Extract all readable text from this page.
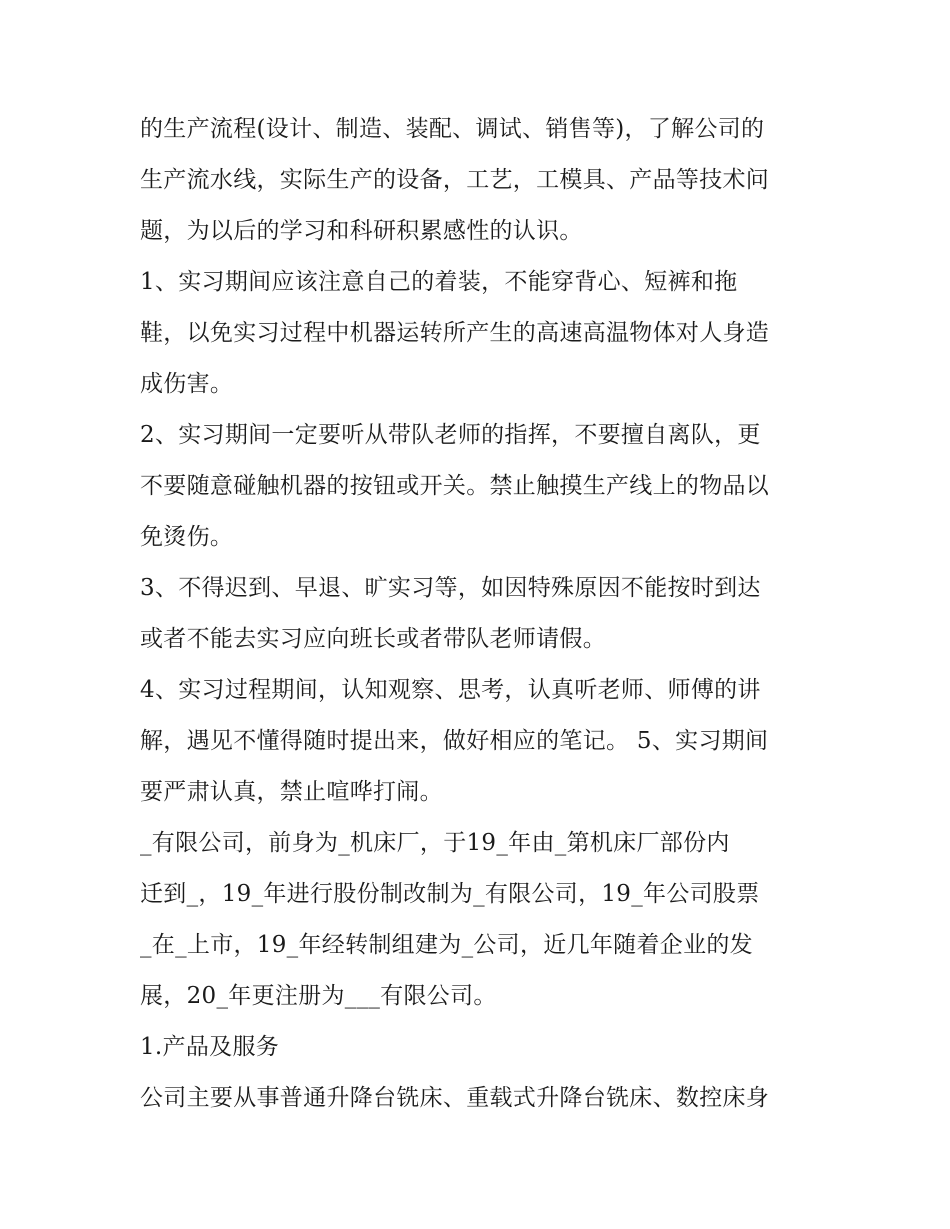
的生产流程(设计、制造、装配、调试、销售等)，了解公司的
生产流水线，实际生产的设备，工艺，工模具、产品等技术问
题，为以后的学习和科研积累感性的认识。
1、实习期间应该注意自己的着装，不能穿背心、短裤和拖
鞋，以免实习过程中机器运转所产生的高速高温物体对人身造
成伤害。
2、实习期间一定要听从带队老师的指挥，不要擅自离队，更
不要随意碰触机器的按钮或开关。禁止触摸生产线上的物品以
免烫伤。
3、不得迟到、早退、旷实习等，如因特殊原因不能按时到达
或者不能去实习应向班长或者带队老师请假。
4、实习过程期间，认知观察、思考，认真听老师、师傅的讲
解，遇见不懂得随时提出来，做好相应的笔记。 5、实习期间
要严肃认真，禁止喧哗打闹。
_有限公司，前身为_机床厂，于19_年由_第机床厂部份内
迁到_，19_年进行股份制改制为_有限公司，19_年公司股票
_在_上市，19_年经转制组建为_公司，近几年随着企业的发
展，20_年更注册为___有限公司。
1.产品及服务
公司主要从事普通升降台铣床、重载式升降台铣床、数控床身
